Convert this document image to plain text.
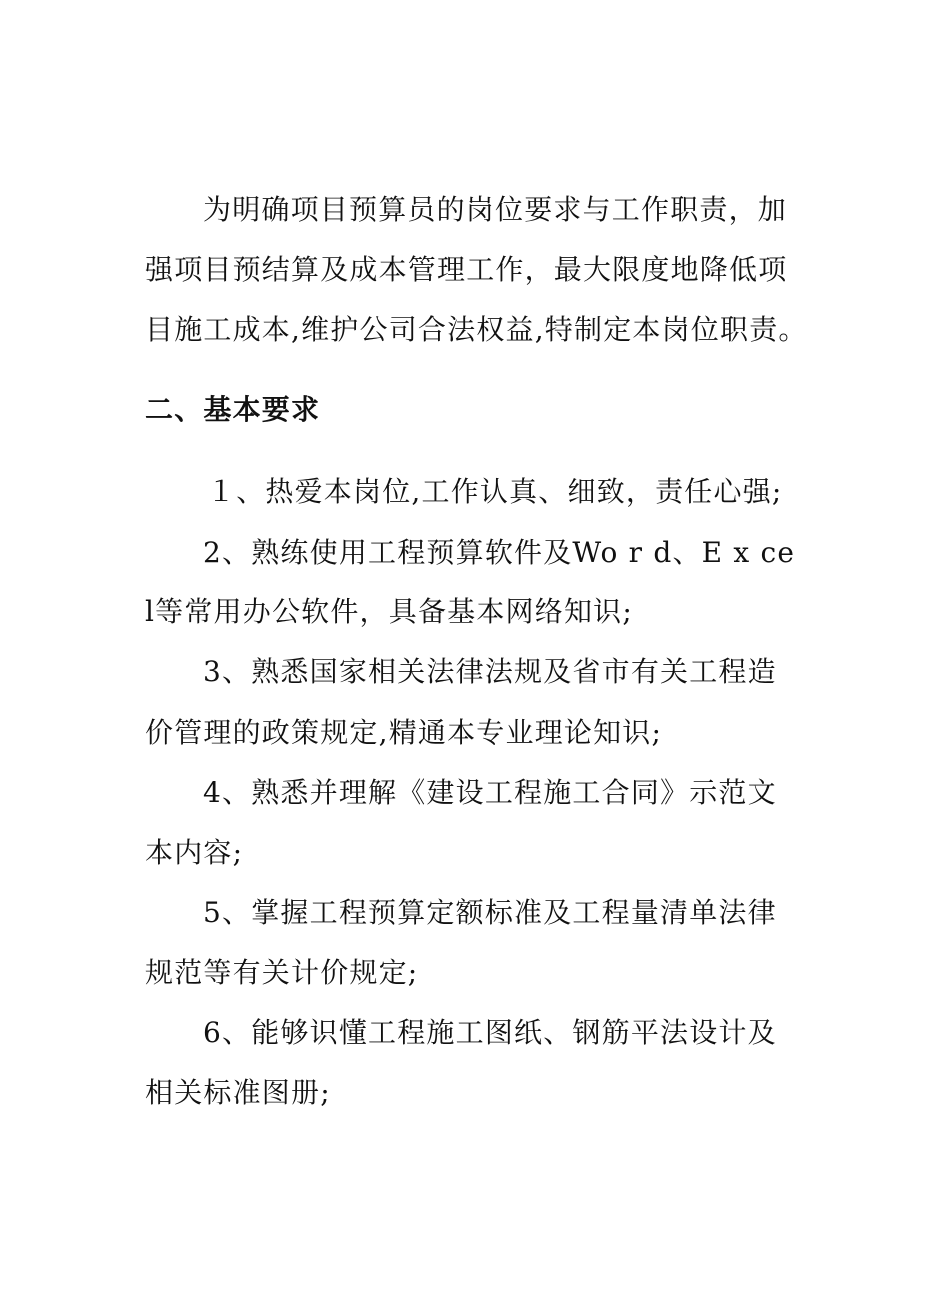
为明确项目预算员的岗位要求与工作职责，加
强项目预结算及成本管理工作，最大限度地降低项
目施工成本,维护公司合法权益,特制定本岗位职责。
二、基本要求
１、热爱本岗位,工作认真、细致，责任心强;
2、熟练使用工程预算软件及Wo r d、E x ce
l等常用办公软件，具备基本网络知识;
3、熟悉国家相关法律法规及省市有关工程造
价管理的政策规定,精通本专业理论知识;
4、熟悉并理解《建设工程施工合同》示范文
本内容;
5、掌握工程预算定额标准及工程量清单法律
规范等有关计价规定;
6、能够识懂工程施工图纸、钢筋平法设计及
相关标准图册;
